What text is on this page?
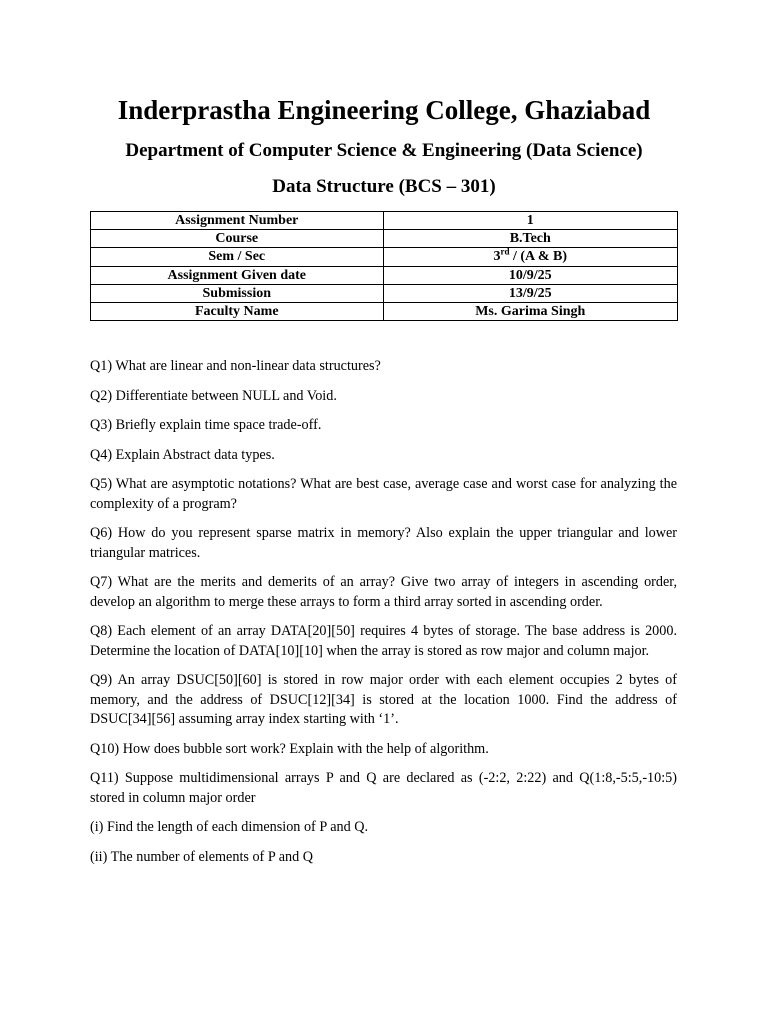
Inderprastha Engineering College, Ghaziabad
Department of Computer Science & Engineering (Data Science)
Data Structure (BCS – 301)
Assignment Number	1
Course	B.Tech
Sem / Sec	3rd / (A & B)
Assignment Given date	10/9/25
Submission	13/9/25
Faculty Name	Ms. Garima Singh

Q1) What are linear and non-linear data structures?

Q2) Differentiate between NULL and Void.

Q3) Briefly explain time space trade-off.

Q4) Explain Abstract data types.

Q5) What are asymptotic notations? What are best case, average case and worst case for analyzing the complexity of a program?

Q6) How do you represent sparse matrix in memory? Also explain the upper triangular and lower triangular matrices.

Q7) What are the merits and demerits of an array? Give two array of integers in ascending order, develop an algorithm to merge these arrays to form a third array sorted in ascending order.

Q8) Each element of an array DATA[20][50] requires 4 bytes of storage. The base address is 2000. Determine the location of DATA[10][10] when the array is stored as row major and column major.

Q9) An array DSUC[50][60] is stored in row major order with each element occupies 2 bytes of memory, and the address of DSUC[12][34] is stored at the location 1000. Find the address of DSUC[34][56] assuming array index starting with ‘1’.

Q10) How does bubble sort work? Explain with the help of algorithm.

Q11) Suppose multidimensional arrays P and Q are declared as (-2:2, 2:22) and Q(1:8,-5:5,-10:5) stored in column major order

(i) Find the length of each dimension of P and Q.

(ii) The number of elements of P and Q
